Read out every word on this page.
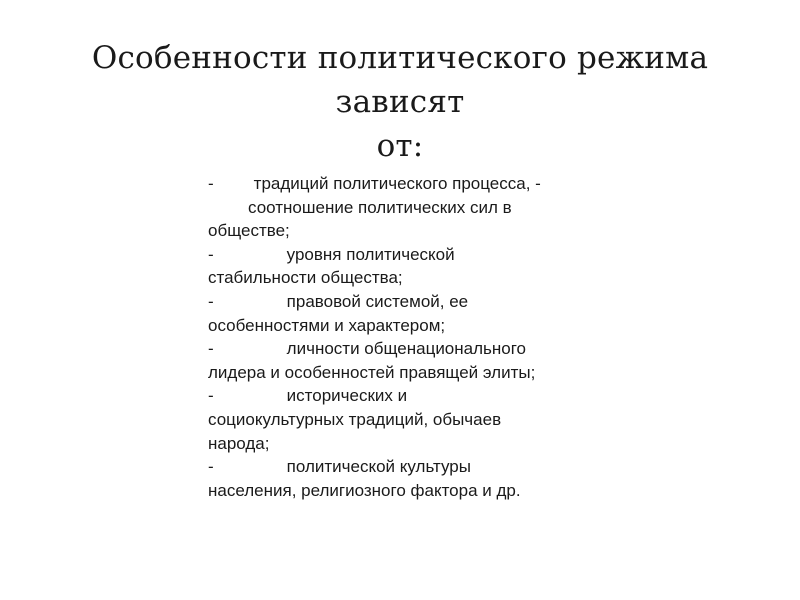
Особенности политического режима зависят
от:
- традиций политического процесса, -
соотношение политических сил в
обществе;
-	уровня политической
стабильности общества;
-	правовой системой, ее
особенностями и характером;
-	личности общенационального
лидера и особенностей правящей элиты;
-	исторических и
социокультурных традиций, обычаев
народа;
-	политической культуры
населения, религиозного фактора и др.
